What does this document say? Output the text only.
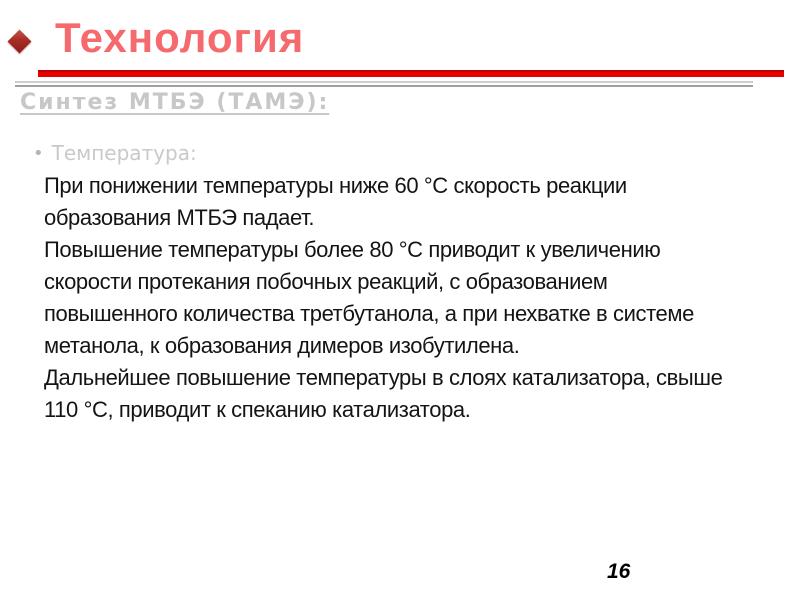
Технология
Синтез МТБЭ (ТАМЭ):
• Температура:
При понижении температуры ниже 60 °С скорость реакции
образования МТБЭ падает.
Повышение температуры более 80 °С приводит к увеличению
скорости протекания побочных реакций, с образованием
повышенного количества третбутанола, а при нехватке в системе
метанола, к образования димеров изобутилена.
Дальнейшее повышение температуры в слоях катализатора, свыше
110 °С, приводит к спеканию катализатора.
16
